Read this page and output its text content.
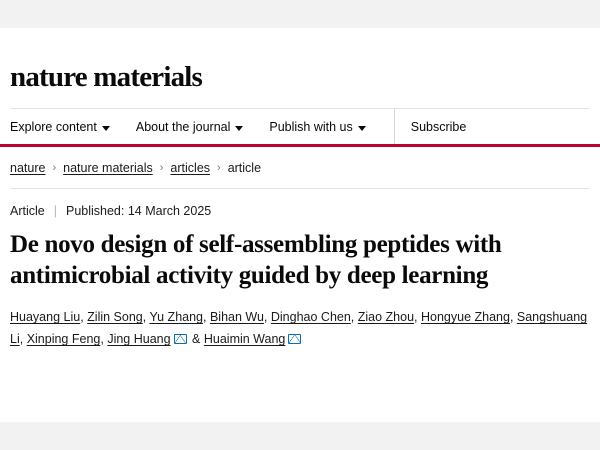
nature materials
Explore content	About the journal	Publish with us	Subscribe
nature › nature materials › articles › article
Article | Published: 14 March 2025
De novo design of self-assembling peptides with antimicrobial activity guided by deep learning
Huayang Liu, Zilin Song, Yu Zhang, Bihan Wu, Dinghao Chen, Ziao Zhou, Hongyue Zhang, Sangshuang Li, Xinping Feng, Jing Huang & Huaimin Wang
